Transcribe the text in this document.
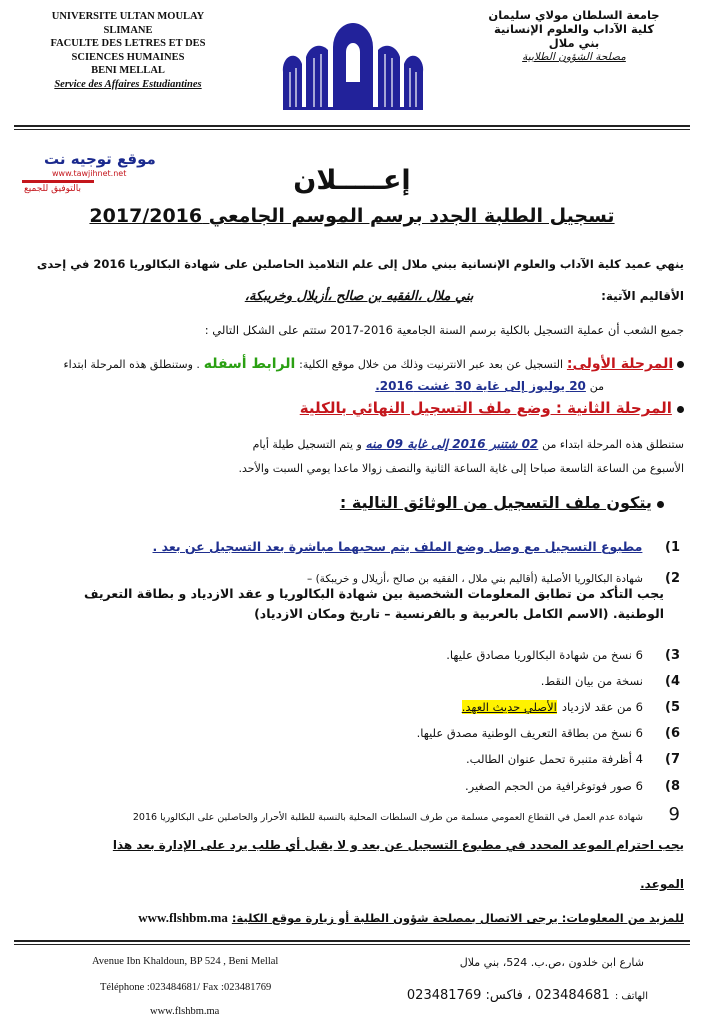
UNIVERSITE ULTAN MOULAY SLIMANE
FACULTE DES LETRES ET DES
SCIENCES HUMAINES
BENI MELLAL
Service des Affaires Estudiantines
جامعة السلطان مولاي سليمان
كلية الآداب والعلوم الإنسانية
بني ملال
مصلحة الشؤون الطلابية
موقع توجيه نت
www.tawjihnet.net
بالتوفيق للجميع	إعـــــلان
تسجيل الطلبة الجدد برسم الموسم الجامعي 2017/2016
ينهي عميد كلية الآداب والعلوم الإنسانية ببني ملال إلى علم التلاميذ الحاصلين على شهادة البكالوريا 2016 في إحدى
الأقاليم الآتية:  بني ملال ،الفقيه بن صالح ،أزيلال وخريبكة،
جميع الشعب أن عملية التسجيل بالكلية برسم السنة الجامعية 2016-2017 ستتم على الشكل التالي :
المرحلة الأولى: التسجيل عن بعد عبر الانترنيت وذلك من خلال موقع الكلية: الرابط أسفله . وستنطلق هذه المرحلة ابتداء
من 20 يوليوز إلى غاية 30 غشت 2016.
المرحلة الثانية : وضع ملف التسجيل النهائي بالكلية
ستنطلق هذه المرحلة ابتداء من 02 شتنبر 2016 إلى غاية 09 منه و يتم التسجيل طيلة أيام
الأسبوع من الساعة التاسعة صباحا إلى غاية الساعة الثانية والنصف زوالا ماعدا يومي السبت والأحد.
يتكون ملف التسجيل من الوثائق التالية :
1) مطبوع التسجيل مع وصل وضع الملف يتم سحبهما مباشرة بعد التسجيل عن بعد .
2) شهادة البكالوريا الأصلية (أقاليم بني ملال ، الفقيه بن صالح ،أزيلال و خريبكة) –
يجب التأكد من تطابق المعلومات الشخصية بين شهادة البكالوريا و عقد الازدياد و بطاقة التعريف
الوطنية. (الاسم الكامل بالعربية و بالفرنسية – تاريخ ومكان الازدياد)
3) 6 نسخ من شهادة البكالوريا مصادق عليها.
4) نسخة من بيان النقط.
5) 6 من عقد لازدياد الأصلي حديث العهد.
6) 6 نسخ من بطاقة التعريف الوطنية مصدق عليها.
7) 4 أظرفة متنبرة تحمل عنوان الطالب.
8) 6 صور فوتوغرافية من الحجم الصغير.
9 شهادة عدم العمل في القطاع العمومي مسلمة من طرف السلطات المحلية بالنسبة للطلبة الأحرار والحاصلين على البكالوريا 2016
يجب احترام الموعد المحدد في مطبوع التسجيل عن بعد و لا يقبل أي طلب يرد على الإدارة بعد هذا
الموعد.
للمزيد من المعلومات: يرجى الاتصال بمصلحة شؤون الطلبة أو زيارة موقع الكلية: www.flshbm.ma
Avenue Ibn Khaldoun, BP 524 , Beni Mellal
Téléphone :023484681/ Fax :023481769
www.flshbm.ma
شارع ابن خلدون ،ص.ب. 524، بني ملال
الهاتف : 023484681 ، فاكس: 023481769
